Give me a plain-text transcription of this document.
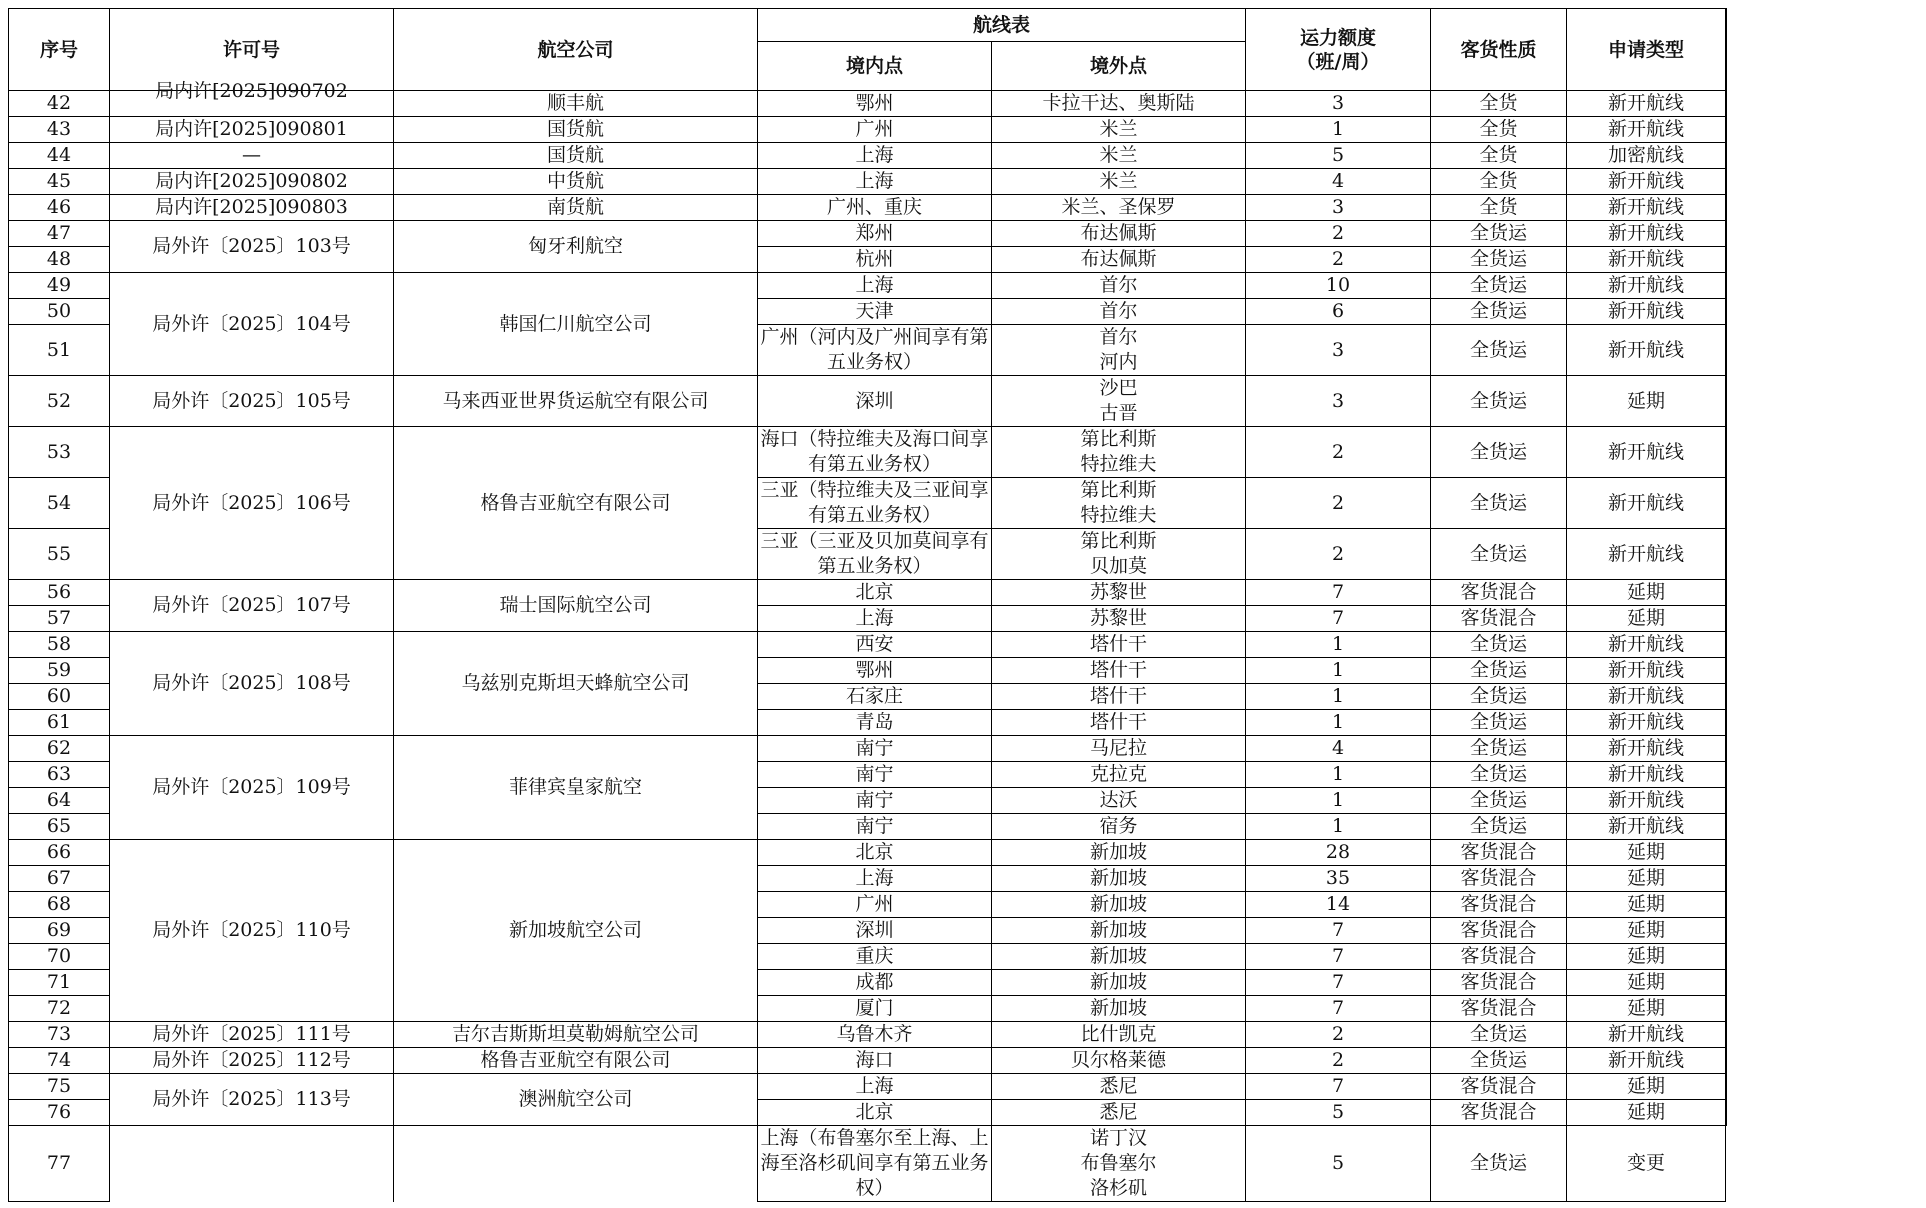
序号	许可号	航空公司	航线表		运力额度
（班/周）	客货性质	申请类型	
			境内点	境外点				
42	局内许[2025]090702	顺丰航	鄂州	卡拉干达、奥斯陆	3	全货	新开航线	
43	局内许[2025]090801	国货航	广州	米兰	1	全货	新开航线	
44	—	国货航	上海	米兰	5	全货	加密航线	
45	局内许[2025]090802	中货航	上海	米兰	4	全货	新开航线	
46	局内许[2025]090803	南货航	广州、重庆	米兰、圣保罗	3	全货	新开航线	
47	局外许〔2025〕103号	匈牙利航空	郑州	布达佩斯	2	全货运	新开航线	
48			杭州	布达佩斯	2	全货运	新开航线	
49	局外许〔2025〕104号	韩国仁川航空公司	上海	首尔	10	全货运	新开航线	
50			天津	首尔	6	全货运	新开航线	
51			广州（河内及广州间享有第五业务权）	首尔
河内	3	全货运	新开航线	
52	局外许〔2025〕105号	马来西亚世界货运航空有限公司	深圳	沙巴
古晋	3	全货运	延期	
53	局外许〔2025〕106号	格鲁吉亚航空有限公司	海口（特拉维夫及海口间享有第五业务权）	第比利斯
特拉维夫	2	全货运	新开航线	
54			三亚（特拉维夫及三亚间享有第五业务权）	第比利斯
特拉维夫	2	全货运	新开航线	
55			三亚（三亚及贝加莫间享有第五业务权）	第比利斯
贝加莫	2	全货运	新开航线	
56	局外许〔2025〕107号	瑞士国际航空公司	北京	苏黎世	7	客货混合	延期	
57			上海	苏黎世	7	客货混合	延期	
58	局外许〔2025〕108号	乌兹别克斯坦天蜂航空公司	西安	塔什干	1	全货运	新开航线	
59			鄂州	塔什干	1	全货运	新开航线	
60			石家庄	塔什干	1	全货运	新开航线	
61			青岛	塔什干	1	全货运	新开航线	
62	局外许〔2025〕109号	菲律宾皇家航空	南宁	马尼拉	4	全货运	新开航线	
63			南宁	克拉克	1	全货运	新开航线	
64			南宁	达沃	1	全货运	新开航线	
65			南宁	宿务	1	全货运	新开航线	
66	局外许〔2025〕110号	新加坡航空公司	北京	新加坡	28	客货混合	延期	
67			上海	新加坡	35	客货混合	延期	
68			广州	新加坡	14	客货混合	延期	
69			深圳	新加坡	7	客货混合	延期	
70			重庆	新加坡	7	客货混合	延期	
71			成都	新加坡	7	客货混合	延期	
72			厦门	新加坡	7	客货混合	延期	
73	局外许〔2025〕111号	吉尔吉斯斯坦莫勒姆航空公司	乌鲁木齐	比什凯克	2	全货运	新开航线	
74	局外许〔2025〕112号	格鲁吉亚航空有限公司	海口	贝尔格莱德	2	全货运	新开航线	
75	局外许〔2025〕113号	澳洲航空公司	上海	悉尼	7	客货混合	延期	
76			北京	悉尼	5	客货混合	延期	
77			上海（布鲁塞尔至上海、上海至洛杉矶间享有第五业务权）	诺丁汉
布鲁塞尔
洛杉矶	5	全货运	变更	
